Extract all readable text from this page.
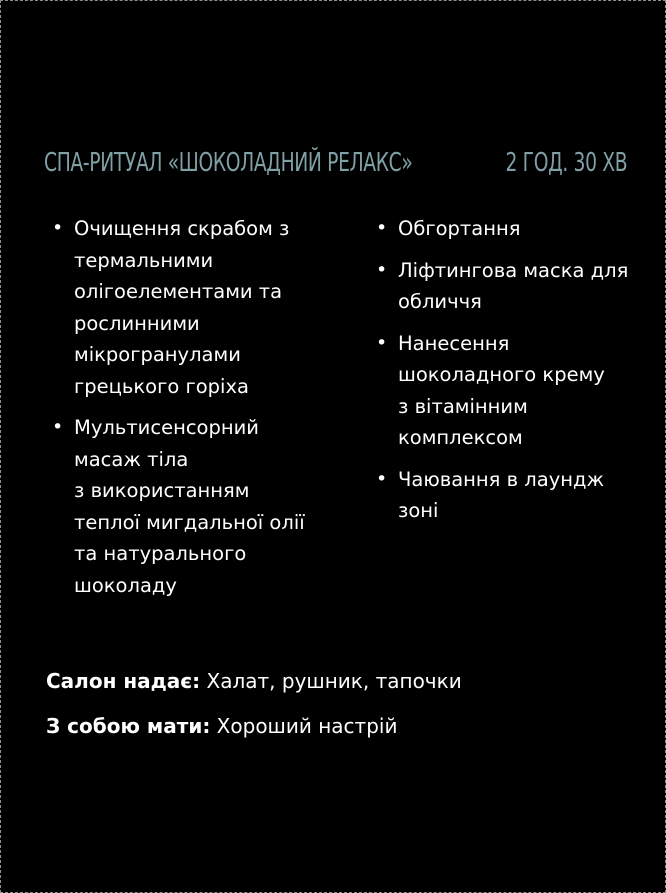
СПА-РИТУАЛ «ШОКОЛАДНИЙ РЕЛАКС»	2 ГОД. 30 ХВ
• Очищення скрабом з
термальними
олігоелементами та
рослинними
мікрогранулами
грецького горіха
• Мультисенсорний
масаж тіла
з використанням
теплої мигдальної олії
та натурального
шоколаду
• Обгортання
• Ліфтингова маска для
обличчя
• Нанесення
шоколадного крему
з вітамінним
комплексом
• Чаювання в лаундж
зоні
Салон надає: Халат, рушник, тапочки
З собою мати: Хороший настрій
